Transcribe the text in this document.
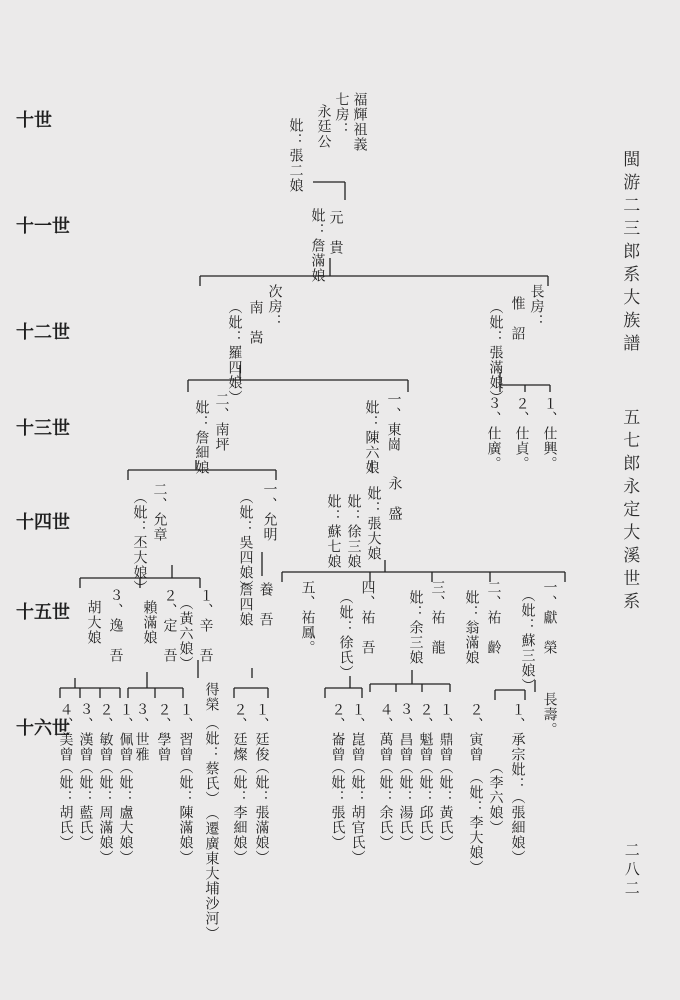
十世
十一世
十二世
十三世
十四世
十五世
十六世
閩游二三郎系大族譜
五七郎永定大溪世系
二八二
福輝祖義
七房：
永廷公
妣：張二娘
元　貴
妣：詹滿娘
長房：
惟　詔
（妣：張滿娘）
次房：
南　嵩
（妣：羅四娘）
１、仕興。
２、仕貞。
３、仕廣。
一、東崗
妣：陳六娘
二、南坪
妣：詹細娘
永　盛
妣：張大娘
妣：徐三娘
妣：蘇七娘
一、允明
（妣：吳四娘）
二、允章
（妣：丕大娘）
一、獻　榮
（妣：蘇三娘）
長壽。
二、祐　齡
妣：翁滿娘
三、祐　龍
妣：余三娘
四、祐　吾
（妣：徐氏）
五、祐鳳。
養　吾
詹四娘
１、辛　吾
（黃六娘）
２、定　吾
賴滿娘
３、逸　吾
胡大娘
１、承宗妣：
（張細娘）
（李六娘）
２、寅曾
（妣：李大娘）
１、鼎曾
（妣：黃氏）
２、魁曾
（妣：邱氏）
３、昌曾
（妣：湯氏）
４、萬曾
（妣：余氏）
１、崑曾
（妣：胡官氏）
２、崙曾
（妣：張氏）
１、廷俊
（妣：張滿娘）
２、廷燦
（妣：李細娘）
得榮
（妣：蔡氏）
（遷廣東大埔沙河）
１、習曾
（妣：陳滿娘）
２、學曾
３、世雅
１、佩曾
（妣：盧大娘）
２、敏曾
（妣：周滿娘）
３、漢曾
（妣：藍氏）
４、美曾
（妣：胡氏）
